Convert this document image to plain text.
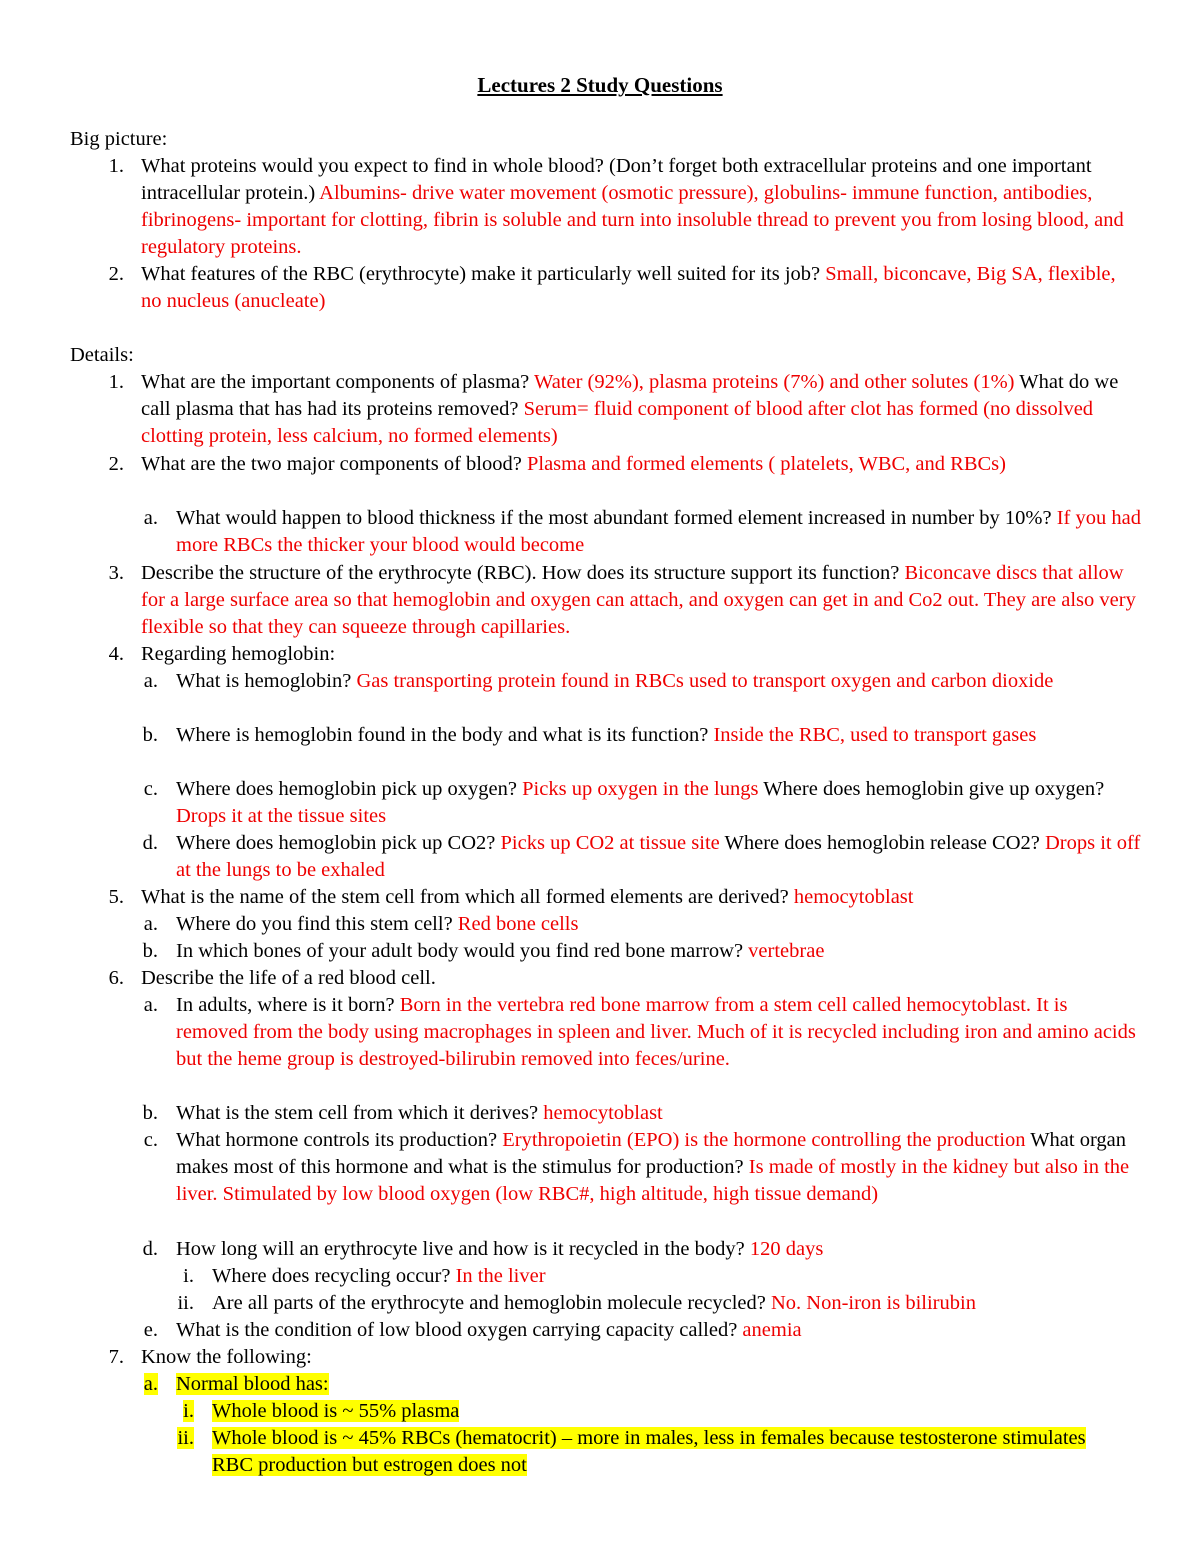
Lectures 2 Study Questions
Big picture:
1. What proteins would you expect to find in whole blood? (Don’t forget both extracellular proteins and one important intracellular protein.) Albumins- drive water movement (osmotic pressure), globulins- immune function, antibodies, fibrinogens- important for clotting, fibrin is soluble and turn into insoluble thread to prevent you from losing blood, and regulatory proteins.
2. What features of the RBC (erythrocyte) make it particularly well suited for its job? Small, biconcave, Big SA, flexible, no nucleus (anucleate)
Details:
1. What are the important components of plasma? Water (92%), plasma proteins (7%) and other solutes (1%) What do we call plasma that has had its proteins removed? Serum= fluid component of blood after clot has formed (no dissolved clotting protein, less calcium, no formed elements)
2. What are the two major components of blood? Plasma and formed elements ( platelets, WBC, and RBCs)
a. What would happen to blood thickness if the most abundant formed element increased in number by 10%? If you had more RBCs the thicker your blood would become
3. Describe the structure of the erythrocyte (RBC). How does its structure support its function? Biconcave discs that allow for a large surface area so that hemoglobin and oxygen can attach, and oxygen can get in and Co2 out. They are also very flexible so that they can squeeze through capillaries.
4. Regarding hemoglobin:
a. What is hemoglobin? Gas transporting protein found in RBCs used to transport oxygen and carbon dioxide
b. Where is hemoglobin found in the body and what is its function? Inside the RBC, used to transport gases
c. Where does hemoglobin pick up oxygen? Picks up oxygen in the lungs Where does hemoglobin give up oxygen? Drops it at the tissue sites
d. Where does hemoglobin pick up CO2? Picks up CO2 at tissue site Where does hemoglobin release CO2? Drops it off at the lungs to be exhaled
5. What is the name of the stem cell from which all formed elements are derived? hemocytoblast
a. Where do you find this stem cell? Red bone cells
b. In which bones of your adult body would you find red bone marrow? vertebrae
6. Describe the life of a red blood cell.
a. In adults, where is it born? Born in the vertebra red bone marrow from a stem cell called hemocytoblast. It is removed from the body using macrophages in spleen and liver. Much of it is recycled including iron and amino acids but the heme group is destroyed-bilirubin removed into feces/urine.
b. What is the stem cell from which it derives? hemocytoblast
c. What hormone controls its production? Erythropoietin (EPO) is the hormone controlling the production What organ makes most of this hormone and what is the stimulus for production? Is made of mostly in the kidney but also in the liver. Stimulated by low blood oxygen (low RBC#, high altitude, high tissue demand)
d. How long will an erythrocyte live and how is it recycled in the body? 120 days
i. Where does recycling occur? In the liver
ii. Are all parts of the erythrocyte and hemoglobin molecule recycled? No. Non-iron is bilirubin
e. What is the condition of low blood oxygen carrying capacity called? anemia
7. Know the following:
a. Normal blood has:
i. Whole blood is ~ 55% plasma
ii. Whole blood is ~ 45% RBCs (hematocrit) – more in males, less in females because testosterone stimulates RBC production but estrogen does not
